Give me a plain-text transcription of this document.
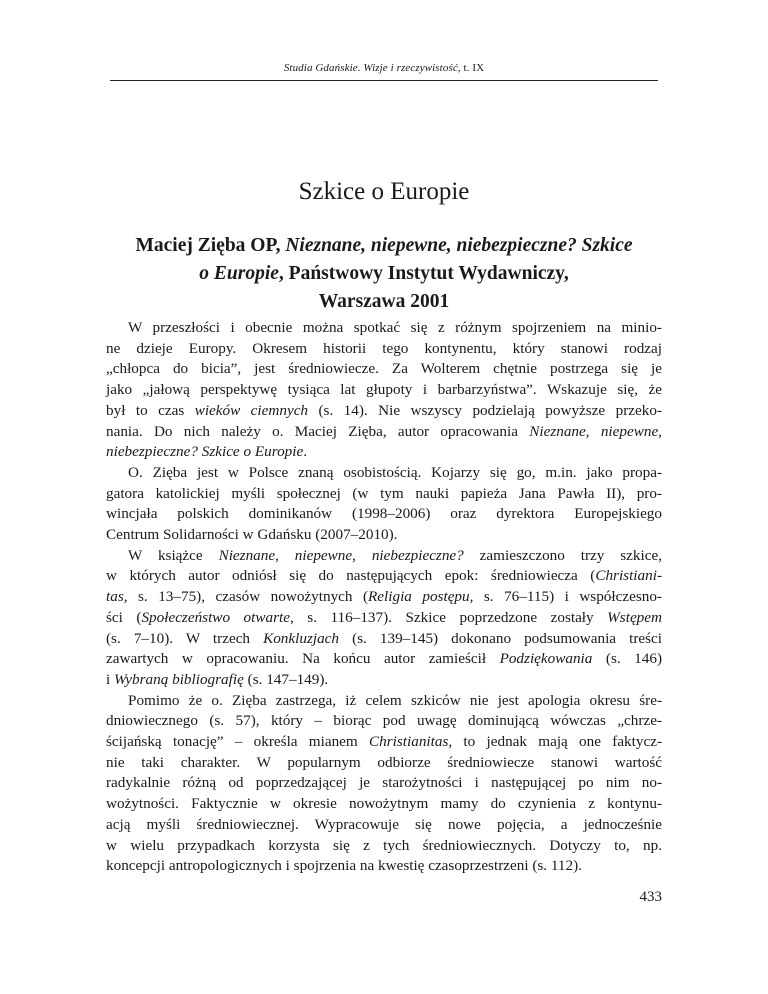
Studia Gdańskie. Wizje i rzeczywistość, t. IX
Szkice o Europie
Maciej Zięba OP, Nieznane, niepewne, niebezpieczne? Szkice
o Europie, Państwowy Instytut Wydawniczy,
Warszawa 2001
W przeszłości i obecnie można spotkać się z różnym spojrzeniem na minio-
ne dzieje Europy. Okresem historii tego kontynentu, który stanowi rodzaj
„chłopca do bicia”, jest średniowiecze. Za Wolterem chętnie postrzega się je
jako „jałową perspektywę tysiąca lat głupoty i barbarzyństwa”. Wskazuje się, że
był to czas wieków ciemnych (s. 14). Nie wszyscy podzielają powyższe przeko-
nania. Do nich należy o. Maciej Zięba, autor opracowania Nieznane, niepewne,
niebezpieczne? Szkice o Europie.
O. Zięba jest w Polsce znaną osobistością. Kojarzy się go, m.in. jako propa-
gatora katolickiej myśli społecznej (w tym nauki papieża Jana Pawła II), pro-
wincjała polskich dominikanów (1998–2006) oraz dyrektora Europejskiego
Centrum Solidarności w Gdańsku (2007–2010).
W książce Nieznane, niepewne, niebezpieczne? zamieszczono trzy szkice,
w których autor odniósł się do następujących epok: średniowiecza (Christiani-
tas, s. 13–75), czasów nowożytnych (Religia postępu, s. 76–115) i współczesno-
ści (Społeczeństwo otwarte, s. 116–137). Szkice poprzedzone zostały Wstępem
(s. 7–10). W trzech Konkluzjach (s. 139–145) dokonano podsumowania treści
zawartych w opracowaniu. Na końcu autor zamieścił Podziękowania (s. 146)
i Wybraną bibliografię (s. 147–149).
Pomimo że o. Zięba zastrzega, iż celem szkiców nie jest apologia okresu śre-
dniowiecznego (s. 57), który – biorąc pod uwagę dominującą wówczas „chrze-
ścijańską tonację” – określa mianem Christianitas, to jednak mają one faktycz-
nie taki charakter. W popularnym odbiorze średniowiecze stanowi wartość
radykalnie różną od poprzedzającej je starożytności i następującej po nim no-
wożytności. Faktycznie w okresie nowożytnym mamy do czynienia z kontynu-
acją myśli średniowiecznej. Wypracowuje się nowe pojęcia, a jednocześnie
w wielu przypadkach korzysta się z tych średniowiecznych. Dotyczy to, np.
koncepcji antropologicznych i spojrzenia na kwestię czasoprzestrzeni (s. 112).
433
